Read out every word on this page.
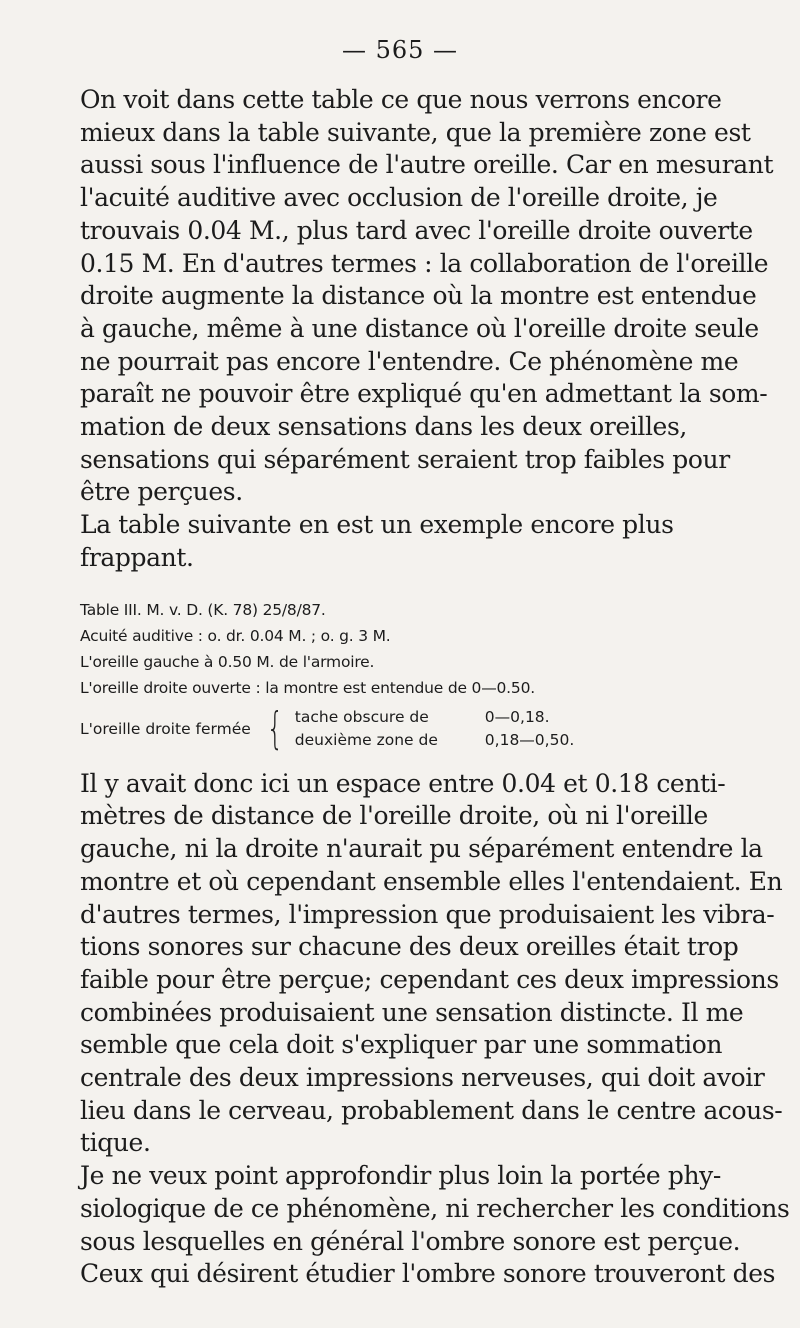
— 565 —
On voit dans cette table ce que nous verrons encore
mieux dans la table suivante, que la première zone est
aussi sous l'influence de l'autre oreille. Car en mesurant
l'acuité auditive avec occlusion de l'oreille droite, je
trouvais 0.04 M., plus tard avec l'oreille droite ouverte
0.15 M. En d'autres termes : la collaboration de l'oreille
droite augmente la distance où la montre est entendue
à gauche, même à une distance où l'oreille droite seule
ne pourrait pas encore l'entendre. Ce phénomène me
paraît ne pouvoir être expliqué qu'en admettant la som-
mation de deux sensations dans les deux oreilles,
sensations qui séparément seraient trop faibles pour
être perçues.
La table suivante en est un exemple encore plus
frappant.
Table III. M. v. D. (K. 78) 25/8/87.
Acuité auditive : o. dr. 0.04 M. ; o. g. 3 M.
L'oreille gauche à 0.50 M. de l'armoire.
L'oreille droite ouverte : la montre est entendue de 0—0.50.
L'oreille droite fermée { tache obscure de	0—0,18.
deuxième zone de	0,18—0,50.
Il y avait donc ici un espace entre 0.04 et 0.18 centi-
mètres de distance de l'oreille droite, où ni l'oreille
gauche, ni la droite n'aurait pu séparément entendre la
montre et où cependant ensemble elles l'entendaient. En
d'autres termes, l'impression que produisaient les vibra-
tions sonores sur chacune des deux oreilles était trop
faible pour être perçue; cependant ces deux impressions
combinées produisaient une sensation distincte. Il me
semble que cela doit s'expliquer par une sommation
centrale des deux impressions nerveuses, qui doit avoir
lieu dans le cerveau, probablement dans le centre acous-
tique.
Je ne veux point approfondir plus loin la portée phy-
siologique de ce phénomène, ni rechercher les conditions
sous lesquelles en général l'ombre sonore est perçue.
Ceux qui désirent étudier l'ombre sonore trouveront des
